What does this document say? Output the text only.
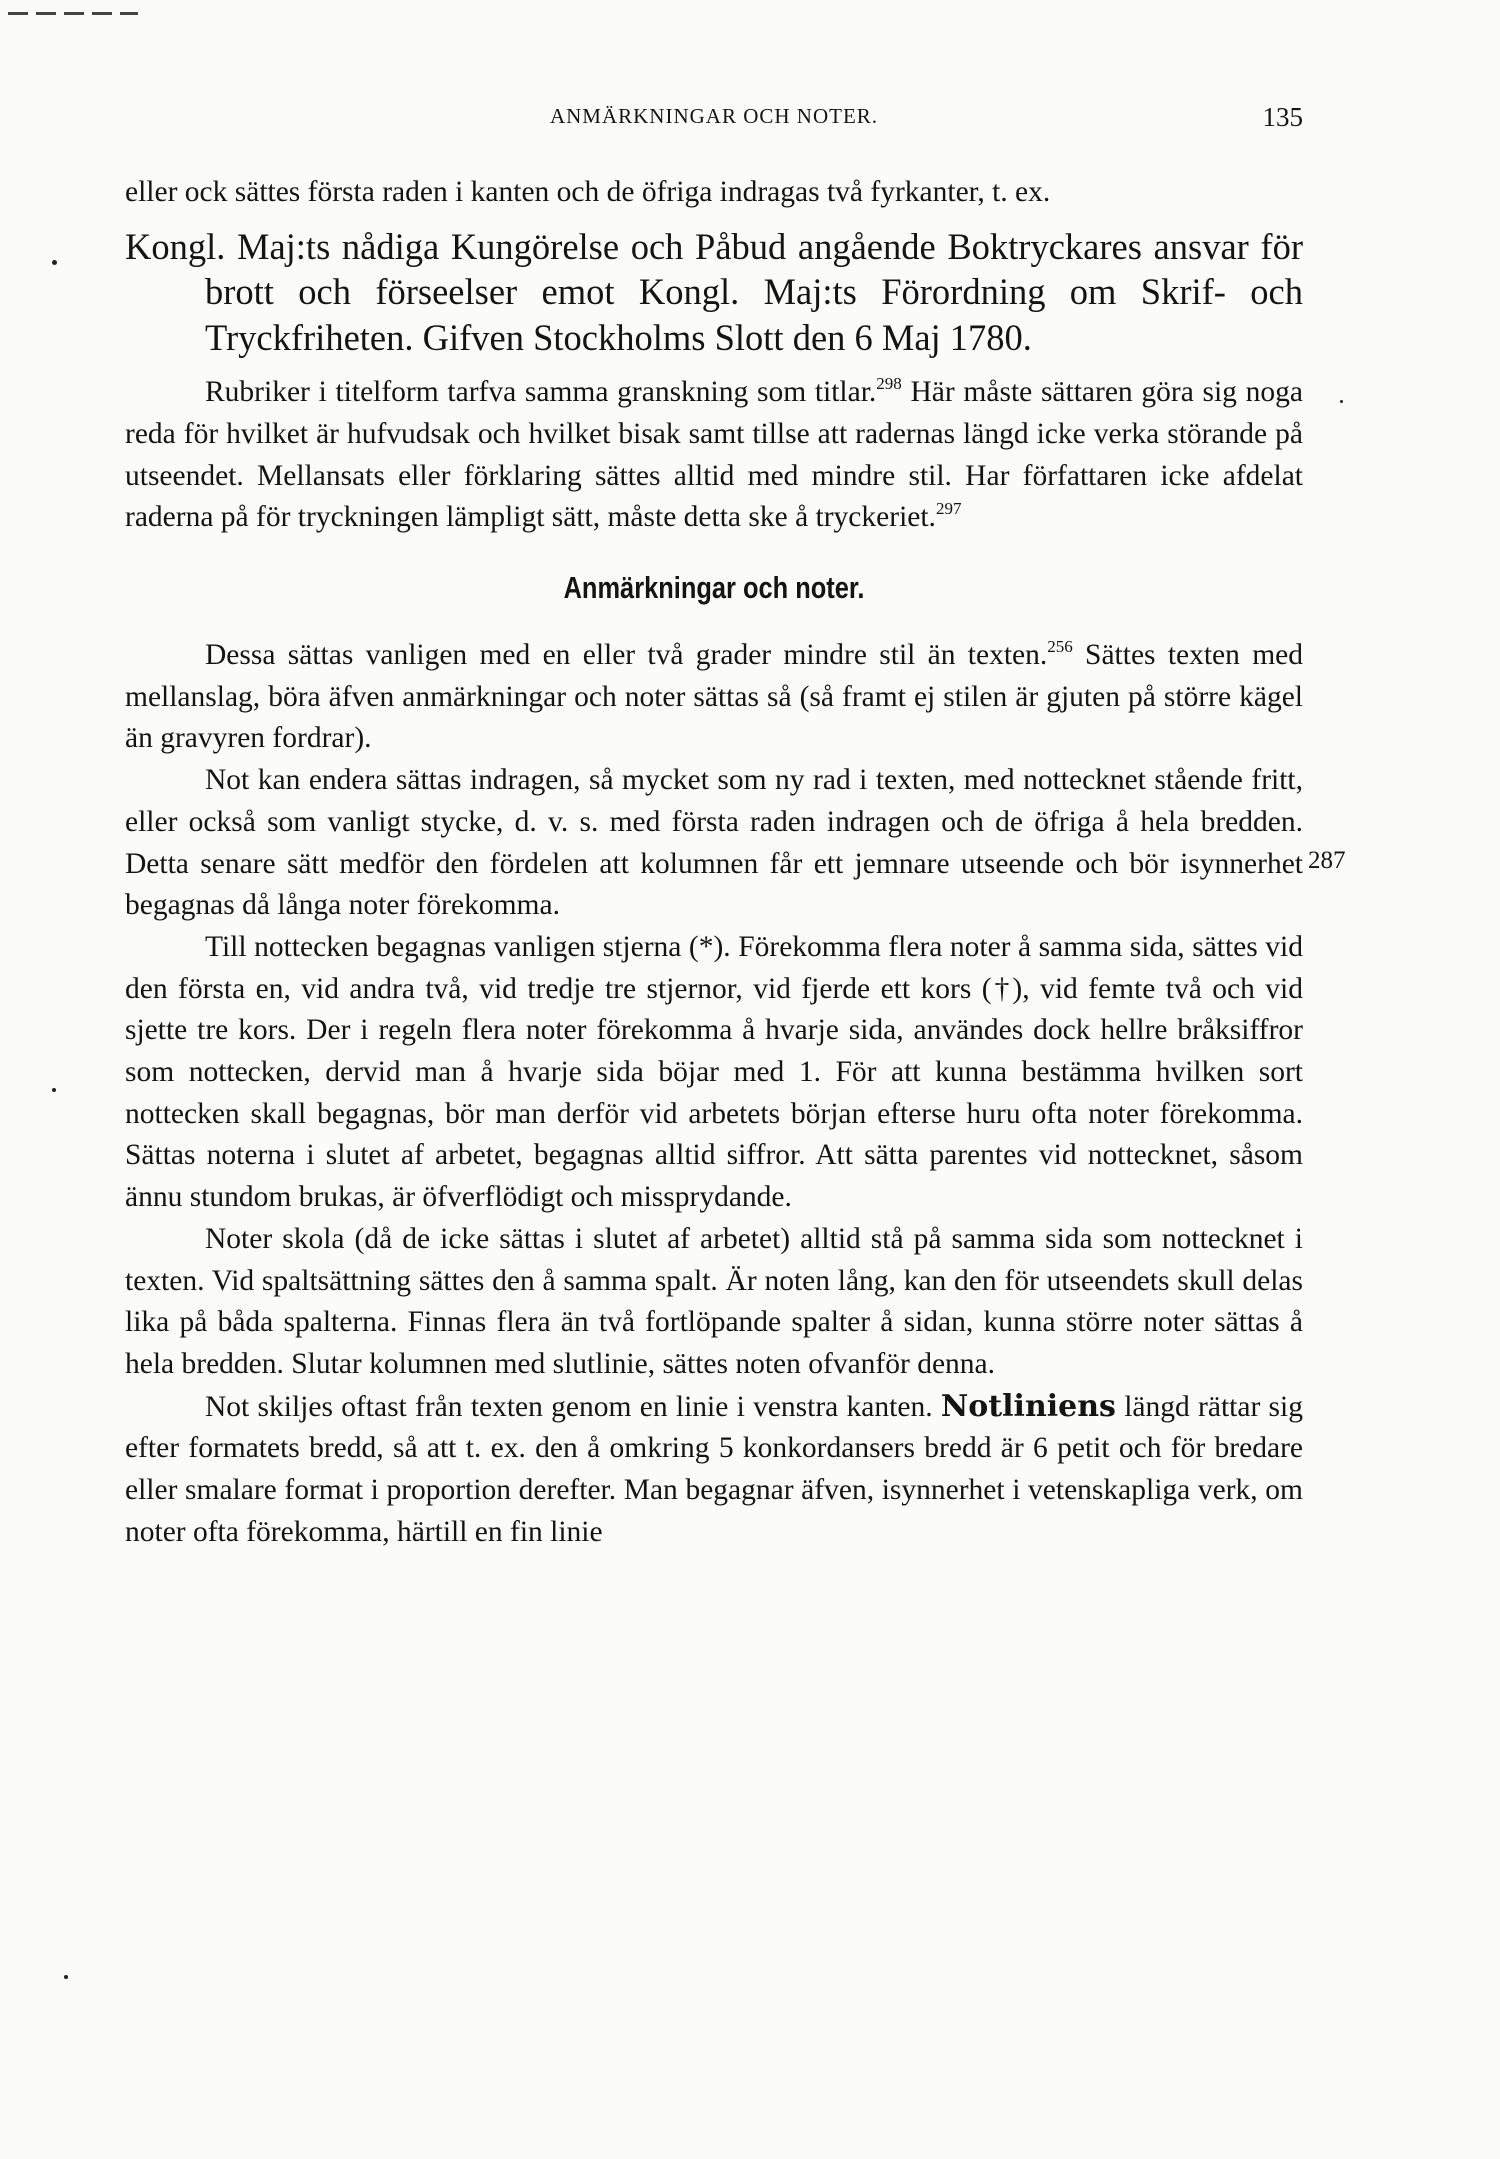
ANMÄRKNINGAR OCH NOTER.	135
287

eller ock sättes första raden i kanten och de öfriga indragas två fyrkanter, t. ex.

Kongl. Maj:ts nådiga Kungörelse och Påbud angående Boktryckares ansvar för brott och förseelser emot Kongl. Maj:ts Förordning om Skrif- och Tryckfriheten. Gifven Stockholms Slott den 6 Maj 1780.

Rubriker i titelform tarfva samma granskning som titlar.$^{298}$ Här måste sättaren göra sig noga reda för hvilket är hufvudsak och hvilket bisak samt tillse att radernas längd icke verka störande på utseendet. Mellansats eller förklaring sättes alltid med mindre stil. Har författaren icke afdelat raderna på för tryckningen lämpligt sätt, måste detta ske å tryckeriet.$^{297}$

Anmärkningar och noter.

Dessa sättas vanligen med en eller två grader mindre stil än texten.$^{256}$ Sättes texten med mellanslag, böra äfven anmärkningar och noter sättas så (så framt ej stilen är gjuten på större kägel än gravyren fordrar).

Not kan endera sättas indragen, så mycket som ny rad i texten, med nottecknet stående fritt, eller också som vanligt stycke, d. v. s. med första raden indragen och de öfriga å hela bredden. Detta senare sätt medför den fördelen att kolumnen får ett jemnare utseende och bör isynnerhet begagnas då långa noter förekomma.

Till nottecken begagnas vanligen stjerna (*). Förekomma flera noter å samma sida, sättes vid den första en, vid andra två, vid tredje tre stjernor, vid fjerde ett kors (†), vid femte två och vid sjette tre kors. Der i regeln flera noter förekomma å hvarje sida, användes dock hellre bråksiffror som nottecken, dervid man å hvarje sida böjar med 1. För att kunna bestämma hvilken sort nottecken skall begagnas, bör man derför vid arbetets början efterse huru ofta noter förekomma. Sättas noterna i slutet af arbetet, begagnas alltid siffror. Att sätta parentes vid nottecknet, såsom ännu stundom brukas, är öfverflödigt och missprydande.

Noter skola (då de icke sättas i slutet af arbetet) alltid stå på samma sida som nottecknet i texten. Vid spaltsättning sättes den å samma spalt. Är noten lång, kan den för utseendets skull delas lika på båda spalterna. Finnas flera än två fortlöpande spalter å sidan, kunna större noter sättas å hela bredden. Slutar kolumnen med slutlinie, sättes noten ofvanför denna.

Not skiljes oftast från texten genom en linie i venstra kanten. Notliniens längd rättar sig efter formatets bredd, så att t. ex. den å omkring 5 konkordansers bredd är 6 petit och för bredare eller smalare format i proportion derefter. Man begagnar äfven, isynnerhet i vetenskapliga verk, om noter ofta förekomma, härtill en fin linie
